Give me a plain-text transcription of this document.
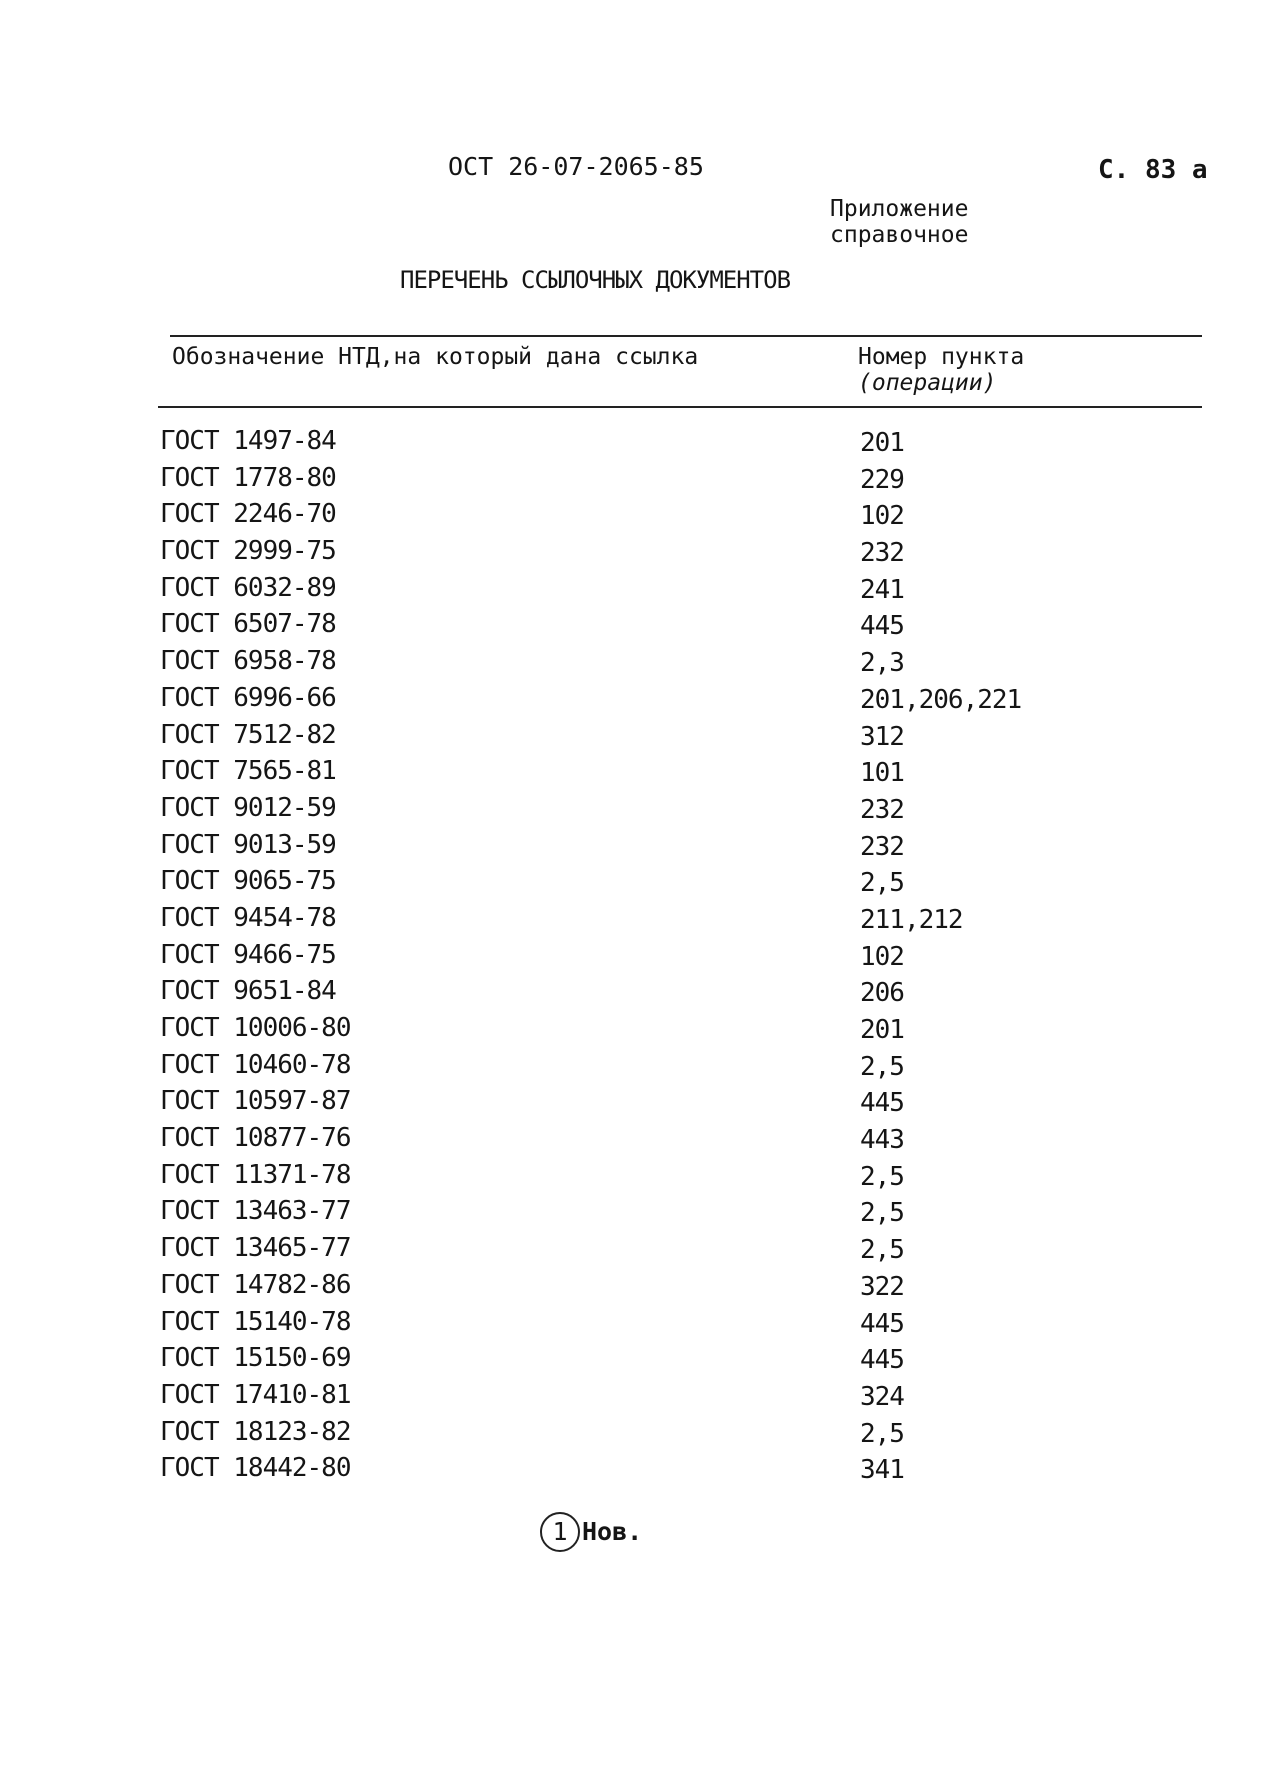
ОСТ 26-07-2065-85	С. 83 а
Приложение
справочное
ПЕРЕЧЕНЬ ССЫЛОЧНЫХ ДОКУМЕНТОВ
Обозначение НТД,на который дана ссылка	Номер пункта
(операции)
ГОСТ 1497-84	201
ГОСТ 1778-80	229
ГОСТ 2246-70	102
ГОСТ 2999-75	232
ГОСТ 6032-89	241
ГОСТ 6507-78	445
ГОСТ 6958-78	2,3
ГОСТ 6996-66	201,206,221
ГОСТ 7512-82	312
ГОСТ 7565-81	101
ГОСТ 9012-59	232
ГОСТ 9013-59	232
ГОСТ 9065-75	2,5
ГОСТ 9454-78	211,212
ГОСТ 9466-75	102
ГОСТ 9651-84	206
ГОСТ 10006-80	201
ГОСТ 10460-78	2,5
ГОСТ 10597-87	445
ГОСТ 10877-76	443
ГОСТ 11371-78	2,5
ГОСТ 13463-77	2,5
ГОСТ 13465-77	2,5
ГОСТ 14782-86	322
ГОСТ 15140-78	445
ГОСТ 15150-69	445
ГОСТ 17410-81	324
ГОСТ 18123-82	2,5
ГОСТ 18442-80	341
1 Нов.
